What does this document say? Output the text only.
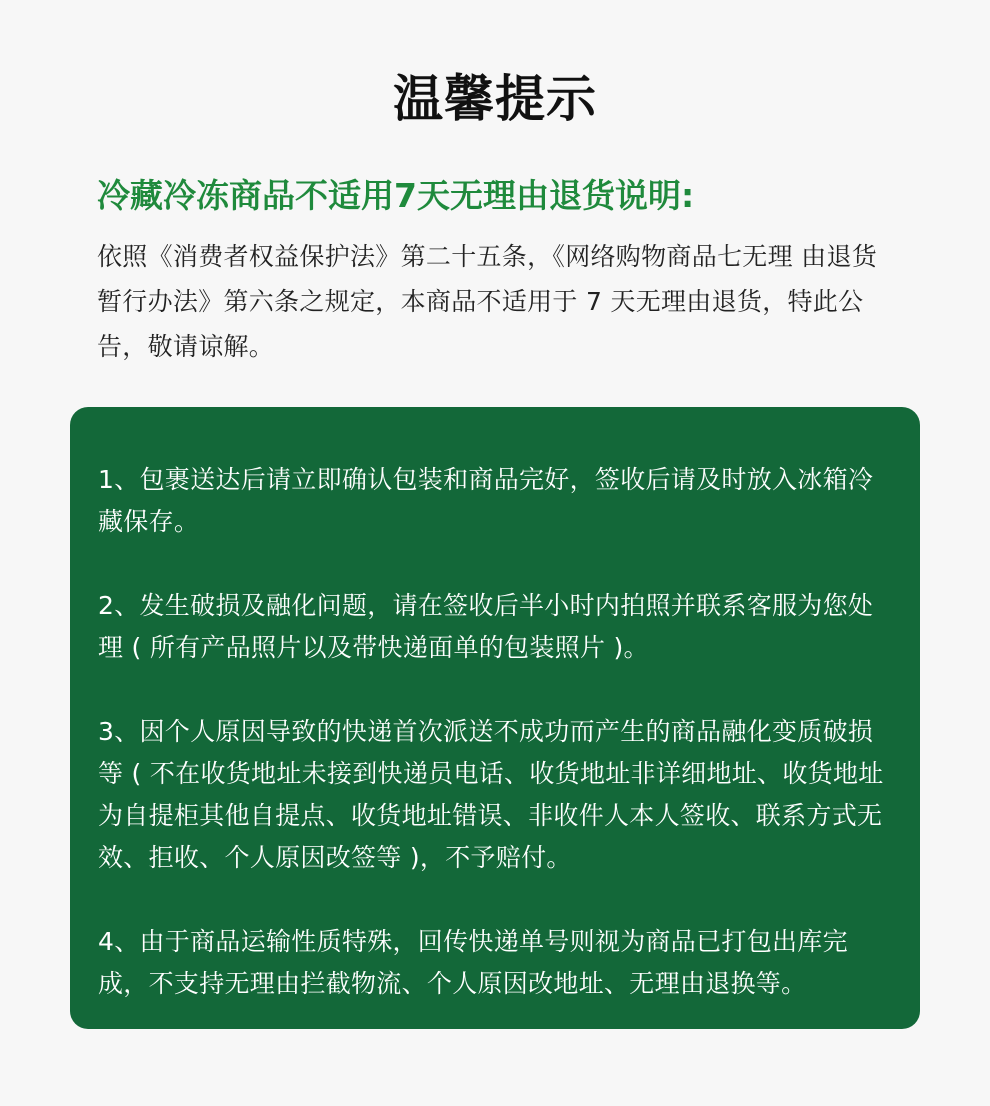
温馨提示
冷藏冷冻商品不适用7天无理由退货说明:
依照《消费者权益保护法》第二十五条，《网络购物商品七无理 由退货暂行办法》第六条之规定，本商品不适用于 7 天无理由退货，特此公告，敬请谅解。
1、包裹送达后请立即确认包装和商品完好，签收后请及时放入冰箱冷藏保存。
2、发生破损及融化问题，请在签收后半小时内拍照并联系客服为您处理 ( 所有产品照片以及带快递面单的包装照片 )。
3、因个人原因导致的快递首次派送不成功而产生的商品融化变质破损等 ( 不在收货地址未接到快递员电话、收货地址非详细地址、收货地址为自提柜其他自提点、收货地址错误、非收件人本人签收、联系方式无效、拒收、个人原因改签等 )，不予赔付。
4、由于商品运输性质特殊，回传快递单号则视为商品已打包出库完成，不支持无理由拦截物流、个人原因改地址、无理由退换等。
